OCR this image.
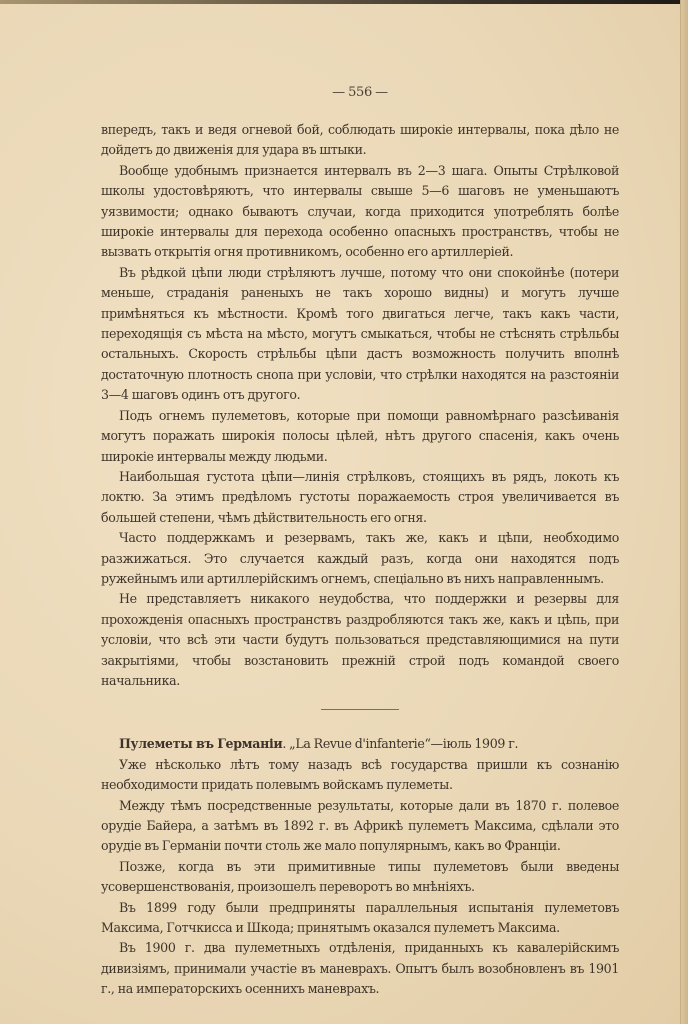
— 556 —

впередъ, такъ и ведя огневой бой, соблюдать широкіе интервалы, пока дѣло не дойдетъ до движенія для удара въ штыки.

Вообще удобнымъ признается интервалъ въ 2—3 шага. Опыты Стрѣлковой школы удостовѣряютъ, что интервалы свыше 5—6 шаговъ не уменьшаютъ уязвимости; однако бываютъ случаи, когда приходится употреблять болѣе широкіе интервалы для перехода особенно опасныхъ пространствъ, чтобы не вызвать открытія огня противникомъ, особенно его артиллеріей.

Въ рѣдкой цѣпи люди стрѣляютъ лучше, потому что они спокойнѣе (потери меньше, страданія раненыхъ не такъ хорошо видны) и могутъ лучше примѣняться къ мѣстности. Кромѣ того двигаться легче, такъ какъ части, переходящія съ мѣста на мѣсто, могутъ смыкаться, чтобы не стѣснять стрѣльбы остальныхъ. Скорость стрѣльбы цѣпи дастъ возможность получить вполнѣ достаточную плотность снопа при условіи, что стрѣлки находятся на разстояніи 3—4 шаговъ одинъ отъ другого.

Подъ огнемъ пулеметовъ, которые при помощи равномѣрнаго разсѣиванія могутъ поражать широкія полосы цѣлей, нѣтъ другого спасенія, какъ очень широкіе интервалы между людьми.

Наибольшая густота цѣпи—линія стрѣлковъ, стоящихъ въ рядъ, локоть къ локтю. За этимъ предѣломъ густоты поражаемость строя увеличивается въ большей степени, чѣмъ дѣйствительность его огня.

Часто поддержкамъ и резервамъ, такъ же, какъ и цѣпи, необходимо разжижаться. Это случается каждый разъ, когда они находятся подъ ружейнымъ или артиллерійскимъ огнемъ, спеціально въ нихъ направленнымъ.

Не представляетъ никакого неудобства, что поддержки и резервы для прохожденія опасныхъ пространствъ раздробляются такъ же, какъ и цѣпь, при условіи, что всѣ эти части будутъ пользоваться представляющимися на пути закрытіями, чтобы возстановить прежній строй подъ командой своего начальника.

Пулеметы въ Германіи. „La Revue d'infanterie“—іюль 1909 г.

Уже нѣсколько лѣтъ тому назадъ всѣ государства пришли къ сознанію необходимости придать полевымъ войскамъ пулеметы.

Между тѣмъ посредственные результаты, которые дали въ 1870 г. полевое орудіе Байера, а затѣмъ въ 1892 г. въ Африкѣ пулеметъ Максима, сдѣлали это орудіе въ Германіи почти столь же мало популярнымъ, какъ во Франціи.

Позже, когда въ эти примитивные типы пулеметовъ были введены усовершенствованія, произошелъ переворотъ во мнѣніяхъ.

Въ 1899 году были предприняты параллельныя испытанія пулеметовъ Максима, Готчкисса и Шкода; принятымъ оказался пулеметъ Максима.

Въ 1900 г. два пулеметныхъ отдѣленія, приданныхъ къ кавалерійскимъ дивизіямъ, принимали участіе въ маневрахъ. Опытъ былъ возобновленъ въ 1901 г., на императорскихъ осеннихъ маневрахъ.
